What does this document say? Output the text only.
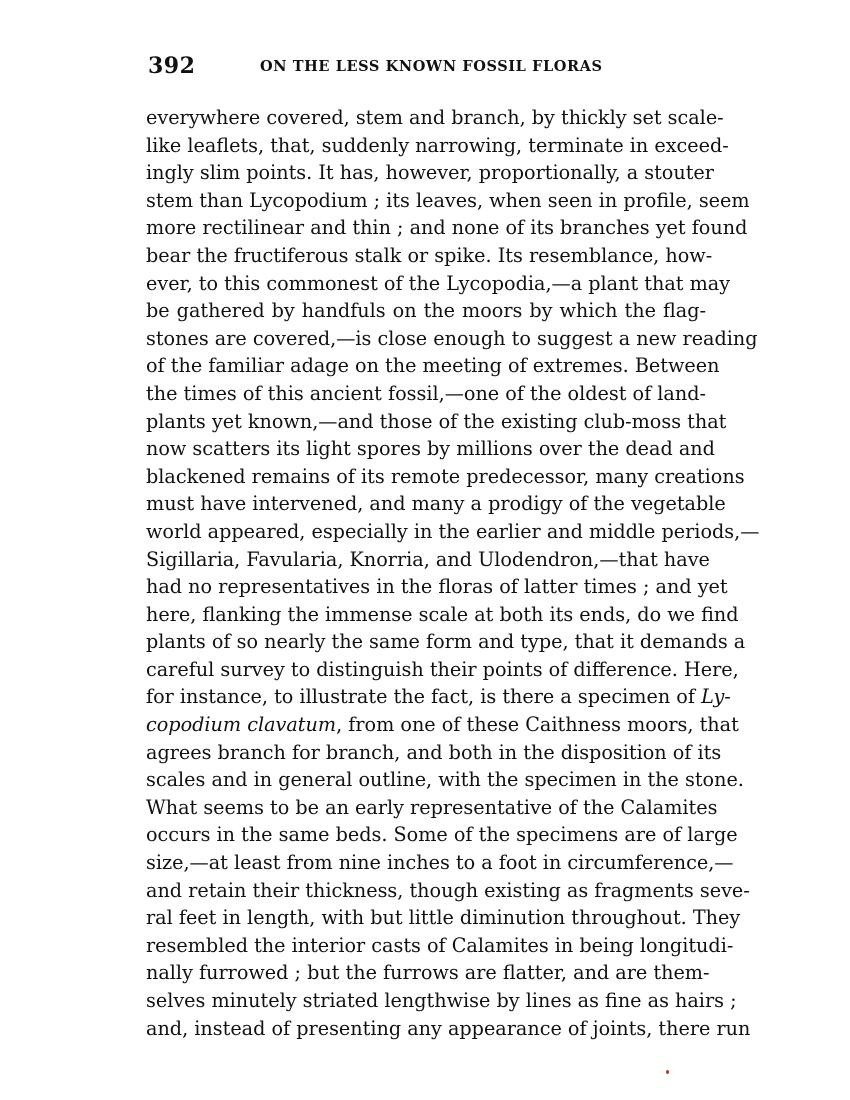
392	ON THE LESS KNOWN FOSSIL FLORAS
everywhere covered, stem and branch, by thickly set scale-
like leaflets, that, suddenly narrowing, terminate in exceed-
ingly slim points. It has, however, proportionally, a stouter
stem than Lycopodium ; its leaves, when seen in profile, seem
more rectilinear and thin ; and none of its branches yet found
bear the fructiferous stalk or spike. Its resemblance, how-
ever, to this commonest of the Lycopodia,—a plant that may
be gathered by handfuls on the moors by which the flag-
stones are covered,—is close enough to suggest a new reading
of the familiar adage on the meeting of extremes. Between
the times of this ancient fossil,—one of the oldest of land-
plants yet known,—and those of the existing club-moss that
now scatters its light spores by millions over the dead and
blackened remains of its remote predecessor, many creations
must have intervened, and many a prodigy of the vegetable
world appeared, especially in the earlier and middle periods,—
Sigillaria, Favularia, Knorria, and Ulodendron,—that have
had no representatives in the floras of latter times ; and yet
here, flanking the immense scale at both its ends, do we find
plants of so nearly the same form and type, that it demands a
careful survey to distinguish their points of difference. Here,
for instance, to illustrate the fact, is there a specimen of Ly-
copodium clavatum, from one of these Caithness moors, that
agrees branch for branch, and both in the disposition of its
scales and in general outline, with the specimen in the stone.
What seems to be an early representative of the Calamites
occurs in the same beds. Some of the specimens are of large
size,—at least from nine inches to a foot in circumference,—
and retain their thickness, though existing as fragments seve-
ral feet in length, with but little diminution throughout. They
resembled the interior casts of Calamites in being longitudi-
nally furrowed ; but the furrows are flatter, and are them-
selves minutely striated lengthwise by lines as fine as hairs ;
and, instead of presenting any appearance of joints, there run
